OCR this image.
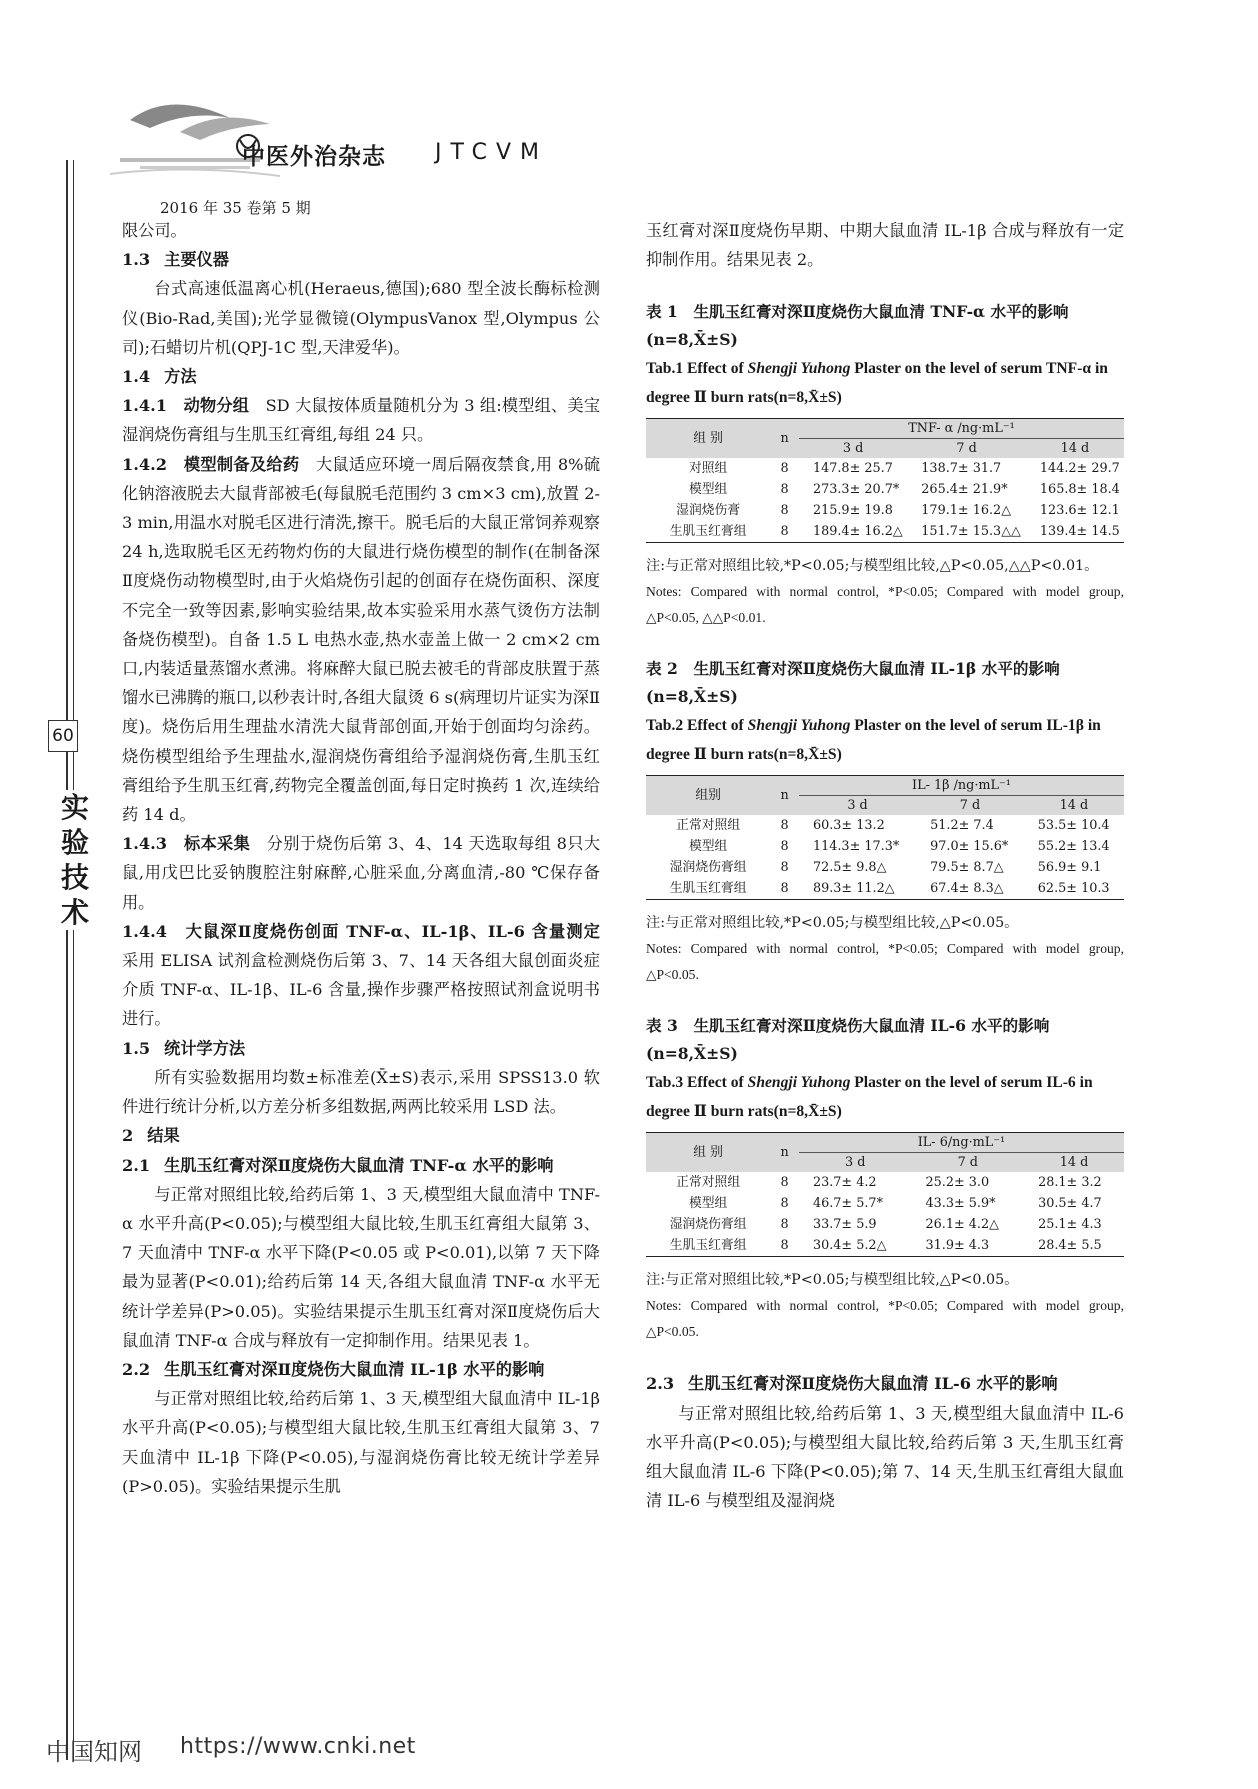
中医外治杂志 JTCVM
2016 年 35 卷第 5 期
60
实验技术

限公司。

1.3 主要仪器

台式高速低温离心机(Heraeus,德国);680 型全波长酶标检测仪(Bio-Rad,美国);光学显微镜(OlympusVanox 型,Olympus 公司);石蜡切片机(QPJ-1C 型,天津爱华)。

1.4 方法

1.4.1　动物分组　 SD 大鼠按体质量随机分为 3 组:模型组、美宝湿润烧伤膏组与生肌玉红膏组,每组 24 只。

1.4.2　模型制备及给药　 大鼠适应环境一周后隔夜禁食,用 8%硫化钠溶液脱去大鼠背部被毛(每鼠脱毛范围约 3 cm×3 cm),放置 2-3 min,用温水对脱毛区进行清洗,擦干。脱毛后的大鼠正常饲养观察 24 h,选取脱毛区无药物灼伤的大鼠进行烧伤模型的制作(在制备深Ⅱ度烧伤动物模型时,由于火焰烧伤引起的创面存在烧伤面积、深度不完全一致等因素,影响实验结果,故本实验采用水蒸气烫伤方法制备烧伤模型)。自备 1.5 L 电热水壶,热水壶盖上做一 2 cm×2 cm 口,内装适量蒸馏水煮沸。将麻醉大鼠已脱去被毛的背部皮肤置于蒸馏水已沸腾的瓶口,以秒表计时,各组大鼠烫 6 s(病理切片证实为深Ⅱ度)。烧伤后用生理盐水清洗大鼠背部创面,开始于创面均匀涂药。烧伤模型组给予生理盐水,湿润烧伤膏组给予湿润烧伤膏,生肌玉红膏组给予生肌玉红膏,药物完全覆盖创面,每日定时换药 1 次,连续给药 14 d。

1.4.3　标本采集　 分别于烧伤后第 3、4、14 天选取每组 8只大鼠,用戊巴比妥钠腹腔注射麻醉,心脏采血,分离血清,-80 ℃保存备用。

1.4.4　大鼠深Ⅱ度烧伤创面 TNF-α、IL-1β、IL-6 含量测定　采用 ELISA 试剂盒检测烧伤后第 3、7、14 天各组大鼠创面炎症介质 TNF-α、IL-1β、IL-6 含量,操作步骤严格按照试剂盒说明书进行。

1.5 统计学方法

所有实验数据用均数±标准差(X̄±S)表示,采用 SPSS13.0 软件进行统计分析,以方差分析多组数据,两两比较采用 LSD 法。

2 结果

2.1 生肌玉红膏对深Ⅱ度烧伤大鼠血清 TNF-α 水平的影响

与正常对照组比较,给药后第 1、3 天,模型组大鼠血清中 TNF-α 水平升高(P<0.05);与模型组大鼠比较,生肌玉红膏组大鼠第 3、7 天血清中 TNF-α 水平下降(P<0.05 或 P<0.01),以第 7 天下降最为显著(P<0.01);给药后第 14 天,各组大鼠血清 TNF-α 水平无统计学差异(P>0.05)。实验结果提示生肌玉红膏对深Ⅱ度烧伤后大鼠血清 TNF-α 合成与释放有一定抑制作用。结果见表 1。

2.2 生肌玉红膏对深Ⅱ度烧伤大鼠血清 IL-1β 水平的影响

与正常对照组比较,给药后第 1、3 天,模型组大鼠血清中 IL-1β 水平升高(P<0.05);与模型组大鼠比较,生肌玉红膏组大鼠第 3、7 天血清中 IL-1β 下降(P<0.05),与湿润烧伤膏比较无统计学差异(P>0.05)。实验结果提示生肌

玉红膏对深Ⅱ度烧伤早期、中期大鼠血清 IL-1β 合成与释放有一定抑制作用。结果见表 2。

表 1　生肌玉红膏对深Ⅱ度烧伤大鼠血清 TNF-α 水平的影响(n=8,X̄±S)

Tab.1 Effect of Shengji Yuhong Plaster on the level of serum TNF-α in degree Ⅱ burn rats(n=8,X̄±S)

组 别	n	TNF- α /ng·mL⁻¹		
		3 d	7 d	14 d
对照组	8	147.8± 25.7	138.7± 31.7	144.2± 29.7
模型组	8	273.3± 20.7*	265.4± 21.9*	165.8± 18.4
湿润烧伤膏	8	215.9± 19.8	179.1± 16.2△	123.6± 12.1
生肌玉红膏组	8	189.4± 16.2△	151.7± 15.3△△	139.4± 14.5

注:与正常对照组比较,*P<0.05;与模型组比较,△P<0.05,△△P<0.01。

Notes: Compared with normal control, *P<0.05; Compared with model group, △P<0.05, △△P<0.01.

表 2　生肌玉红膏对深Ⅱ度烧伤大鼠血清 IL-1β 水平的影响(n=8,X̄±S)

Tab.2 Effect of Shengji Yuhong Plaster on the level of serum IL-1β in degree Ⅱ burn rats(n=8,X̄±S)

组别	n	IL- 1β /ng·mL⁻¹		
		3 d	7 d	14 d
正常对照组	8	60.3± 13.2	51.2± 7.4	53.5± 10.4
模型组	8	114.3± 17.3*	97.0± 15.6*	55.2± 13.4
湿润烧伤膏组	8	72.5± 9.8△	79.5± 8.7△	56.9± 9.1
生肌玉红膏组	8	89.3± 11.2△	67.4± 8.3△	62.5± 10.3

注:与正常对照组比较,*P<0.05;与模型组比较,△P<0.05。

Notes: Compared with normal control, *P<0.05; Compared with model group, △P<0.05.

表 3　生肌玉红膏对深Ⅱ度烧伤大鼠血清 IL-6 水平的影响(n=8,X̄±S)

Tab.3 Effect of Shengji Yuhong Plaster on the level of serum IL-6 in degree Ⅱ burn rats(n=8,X̄±S)

组 别	n	IL- 6/ng·mL⁻¹		
		3 d	7 d	14 d
正常对照组	8	23.7± 4.2	25.2± 3.0	28.1± 3.2
模型组	8	46.7± 5.7*	43.3± 5.9*	30.5± 4.7
湿润烧伤膏组	8	33.7± 5.9	26.1± 4.2△	25.1± 4.3
生肌玉红膏组	8	30.4± 5.2△	31.9± 4.3	28.4± 5.5

注:与正常对照组比较,*P<0.05;与模型组比较,△P<0.05。

Notes: Compared with normal control, *P<0.05; Compared with model group, △P<0.05.

2.3 生肌玉红膏对深Ⅱ度烧伤大鼠血清 IL-6 水平的影响

与正常对照组比较,给药后第 1、3 天,模型组大鼠血清中 IL-6 水平升高(P<0.05);与模型组大鼠比较,给药后第 3 天,生肌玉红膏组大鼠血清 IL-6 下降(P<0.05);第 7、14 天,生肌玉红膏组大鼠血清 IL-6 与模型组及湿润烧

中国知网 https://www.cnki.net
